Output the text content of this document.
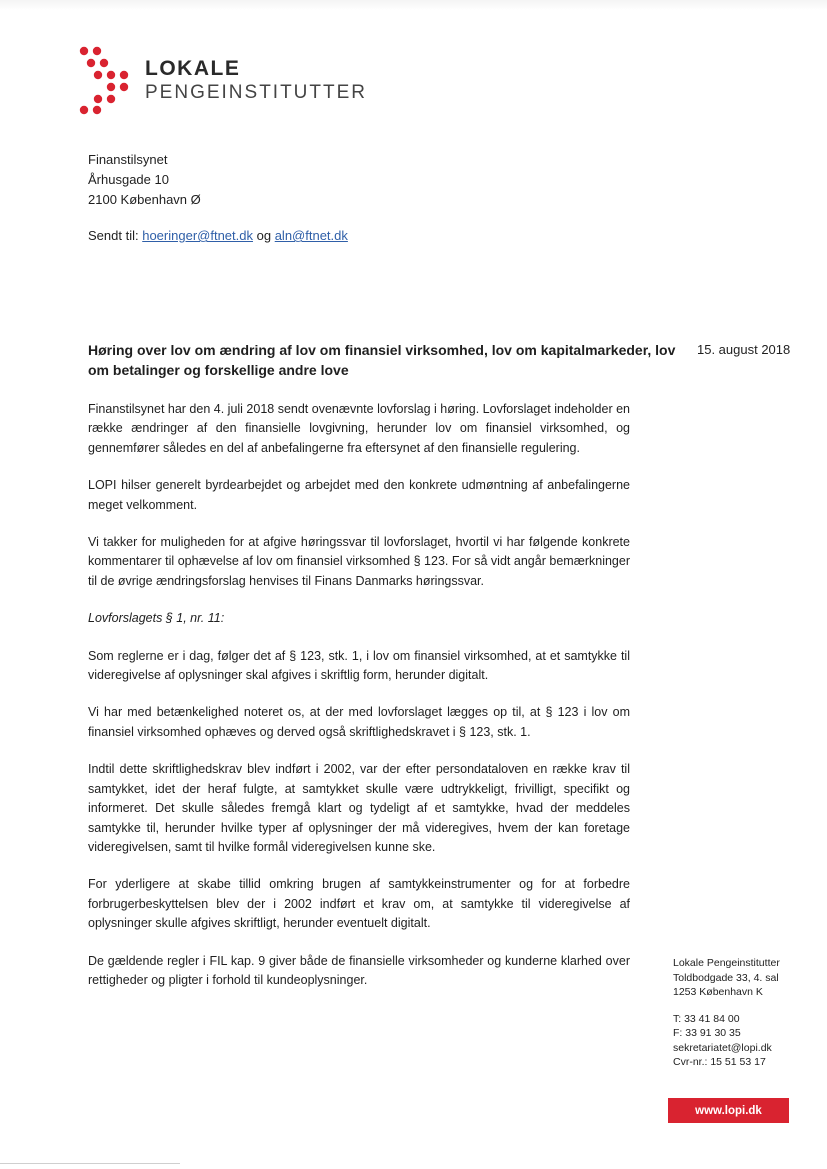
LOKALE
PENGEINSTITUTTER
Finanstilsynet
Århusgade 10
2100 København Ø
Sendt til: hoeringer@ftnet.dk og aln@ftnet.dk
Høring over lov om ændring af lov om finansiel virksomhed, lov om kapitalmarkeder, lov om betalinger og forskellige andre love
15. august 2018

Finanstilsynet har den 4. juli 2018 sendt ovenævnte lovforslag i høring. Lovforslaget indeholder en række ændringer af den finansielle lovgivning, herunder lov om finansiel virksomhed, og gennemfører således en del af anbefalingerne fra eftersynet af den finansielle regulering.

LOPI hilser generelt byrdearbejdet og arbejdet med den konkrete udmøntning af anbefalingerne meget velkomment.

Vi takker for muligheden for at afgive høringssvar til lovforslaget, hvortil vi har følgende konkrete kommentarer til ophævelse af lov om finansiel virksomhed § 123. For så vidt angår bemærkninger til de øvrige ændringsforslag henvises til Finans Danmarks høringssvar.

Lovforslagets § 1, nr. 11:

Som reglerne er i dag, følger det af § 123, stk. 1, i lov om finansiel virksomhed, at et samtykke til videregivelse af oplysninger skal afgives i skriftlig form, herunder digitalt.

Vi har med betænkelighed noteret os, at der med lovforslaget lægges op til, at § 123 i lov om finansiel virksomhed ophæves og derved også skriftlighedskravet i § 123, stk. 1.

Indtil dette skriftlighedskrav blev indført i 2002, var der efter persondataloven en række krav til samtykket, idet der heraf fulgte, at samtykket skulle være udtrykkeligt, frivilligt, specifikt og informeret. Det skulle således fremgå klart og tydeligt af et samtykke, hvad der meddeles samtykke til, herunder hvilke typer af oplysninger der må videregives, hvem der kan foretage videregivelsen, samt til hvilke formål videregivelsen kunne ske.

For yderligere at skabe tillid omkring brugen af samtykkeinstrumenter og for at forbedre forbrugerbeskyttelsen blev der i 2002 indført et krav om, at samtykke til videregivelse af oplysninger skulle afgives skriftligt, herunder eventuelt digitalt.

De gældende regler i FIL kap. 9 giver både de finansielle virksomheder og kunderne klarhed over rettigheder og pligter i forhold til kundeoplysninger.

Lokale Pengeinstitutter
Toldbodgade 33, 4. sal
1253 København K
T: 33 41 84 00
F: 33 91 30 35
sekretariatet@lopi.dk
Cvr-nr.: 15 51 53 17
www.lopi.dk
